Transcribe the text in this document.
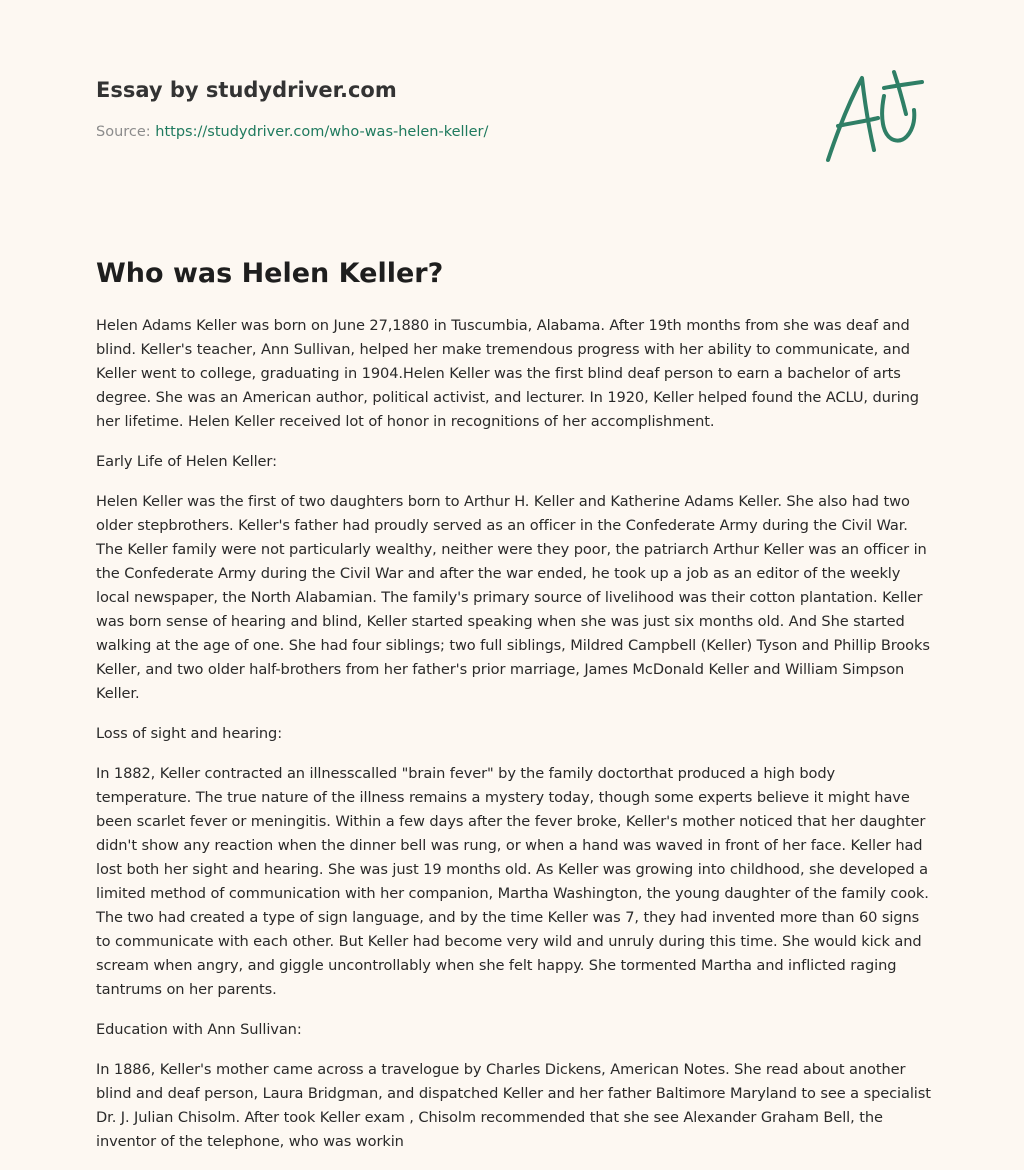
Essay by studydriver.com
Source: https://studydriver.com/who-was-helen-keller/
Who was Helen Keller?

Helen Adams Keller was born on June 27,1880 in Tuscumbia, Alabama. After 19th months from she was deaf and blind. Keller's teacher, Ann Sullivan, helped her make tremendous progress with her ability to communicate, and Keller went to college, graduating in 1904.Helen Keller was the first blind deaf person to earn a bachelor of arts degree. She was an American author, political activist, and lecturer. In 1920, Keller helped found the ACLU, during her lifetime. Helen Keller received lot of honor in recognitions of her accomplishment.

Early Life of Helen Keller:

Helen Keller was the first of two daughters born to Arthur H. Keller and Katherine Adams Keller. She also had two older stepbrothers. Keller's father had proudly served as an officer in the Confederate Army during the Civil War. The Keller family were not particularly wealthy, neither were they poor, the patriarch Arthur Keller was an officer in the Confederate Army during the Civil War and after the war ended, he took up a job as an editor of the weekly local newspaper, the North Alabamian. The family's primary source of livelihood was their cotton plantation. Keller was born sense of hearing and blind, Keller started speaking when she was just six months old. And She started walking at the age of one. She had four siblings; two full siblings, Mildred Campbell (Keller) Tyson and Phillip Brooks Keller, and two older half-brothers from her father's prior marriage, James McDonald Keller and William Simpson Keller.

Loss of sight and hearing:

In 1882, Keller contracted an illnesscalled "brain fever" by the family doctorthat produced a high body temperature. The true nature of the illness remains a mystery today, though some experts believe it might have been scarlet fever or meningitis. Within a few days after the fever broke, Keller's mother noticed that her daughter didn't show any reaction when the dinner bell was rung, or when a hand was waved in front of her face. Keller had lost both her sight and hearing. She was just 19 months old. As Keller was growing into childhood, she developed a limited method of communication with her companion, Martha Washington, the young daughter of the family cook. The two had created a type of sign language, and by the time Keller was 7, they had invented more than 60 signs to communicate with each other. But Keller had become very wild and unruly during this time. She would kick and scream when angry, and giggle uncontrollably when she felt happy. She tormented Martha and inflicted raging tantrums on her parents.

Education with Ann Sullivan:

In 1886, Keller's mother came across a travelogue by Charles Dickens, American Notes. She read about another blind and deaf person, Laura Bridgman, and dispatched Keller and her father Baltimore Maryland to see a specialist Dr. J. Julian Chisolm. After took Keller exam , Chisolm recommended that she see Alexander Graham Bell, the inventor of the telephone, who was workin
